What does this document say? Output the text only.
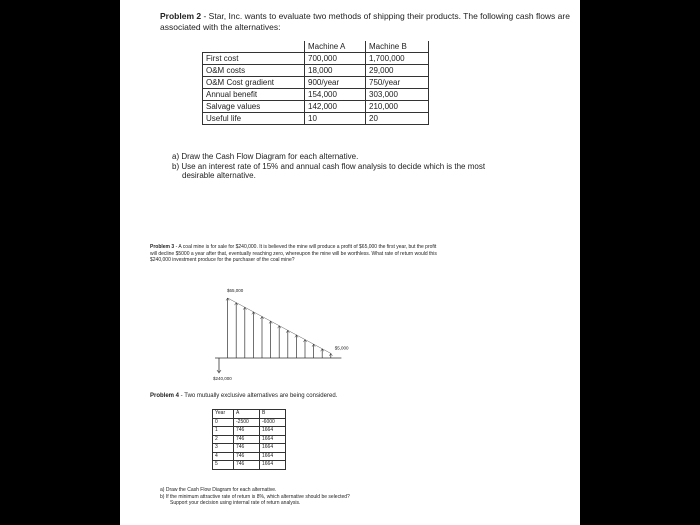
Problem 2 - Star, Inc. wants to evaluate two methods of shipping their products. The following cash flows are associated with the alternatives:
	Machine A	Machine B
First cost	700,000	1,700,000
O&M costs	18,000	29,000
O&M Cost gradient	900/year	750/year
Annual benefit	154,000	303,000
Salvage values	142,000	210,000
Useful life	10	20
a) Draw the Cash Flow Diagram for each alternative.
b) Use an interest rate of 15% and annual cash flow analysis to decide which is the most
desirable alternative.
Problem 3 - A coal mine is for sale for $240,000. It is believed the mine will produce a profit of $65,000 the first year, but the profit will decline $5000 a year after that, eventually reaching zero, whereupon the mine will be worthless. What rate of return would this $240,000 investment produce for the purchaser of the coal mine?
$65,000
$5,000
$240,000
Problem 4 - Two mutually exclusive alternatives are being considered.
Year	A	B
0	-2500	-6000
1	746	1664
2	746	1664
3	746	1664
4	746	1664
5	746	1664
a) Draw the Cash Flow Diagram for each alternative.
b) If the minimum attractive rate of return is 8%, which alternative should be selected?
Support your decision using internal rate of return analysis.
